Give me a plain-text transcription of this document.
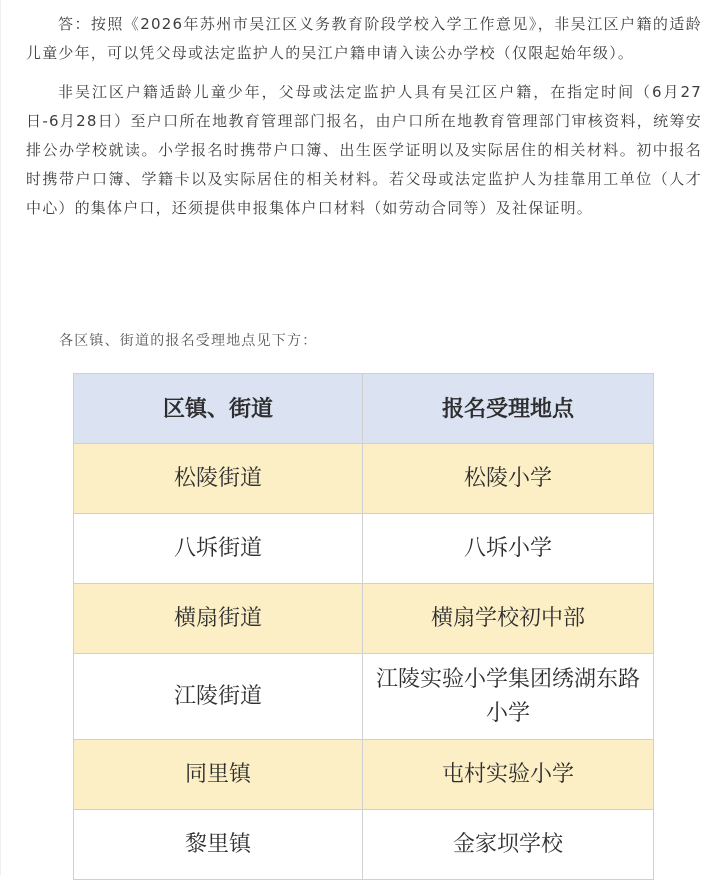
答：按照《2026年苏州市吴江区义务教育阶段学校入学工作意见》，非吴江区户籍的适龄儿童少年，可以凭父母或法定监护人的吴江户籍申请入读公办学校（仅限起始年级）。

非吴江区户籍适龄儿童少年，父母或法定监护人具有吴江区户籍，在指定时间（6月27日-6月28日）至户口所在地教育管理部门报名，由户口所在地教育管理部门审核资料，统筹安排公办学校就读。小学报名时携带户口簿、出生医学证明以及实际居住的相关材料。初中报名时携带户口簿、学籍卡以及实际居住的相关材料。若父母或法定监护人为挂靠用工单位（人才中心）的集体户口，还须提供申报集体户口材料（如劳动合同等）及社保证明。

各区镇、街道的报名受理地点见下方：

区镇、街道	报名受理地点
松陵街道	松陵小学
八坼街道	八坼小学
横扇街道	横扇学校初中部
江陵街道	江陵实验小学集团绣湖东路小学
同里镇	屯村实验小学
黎里镇	金家坝学校
